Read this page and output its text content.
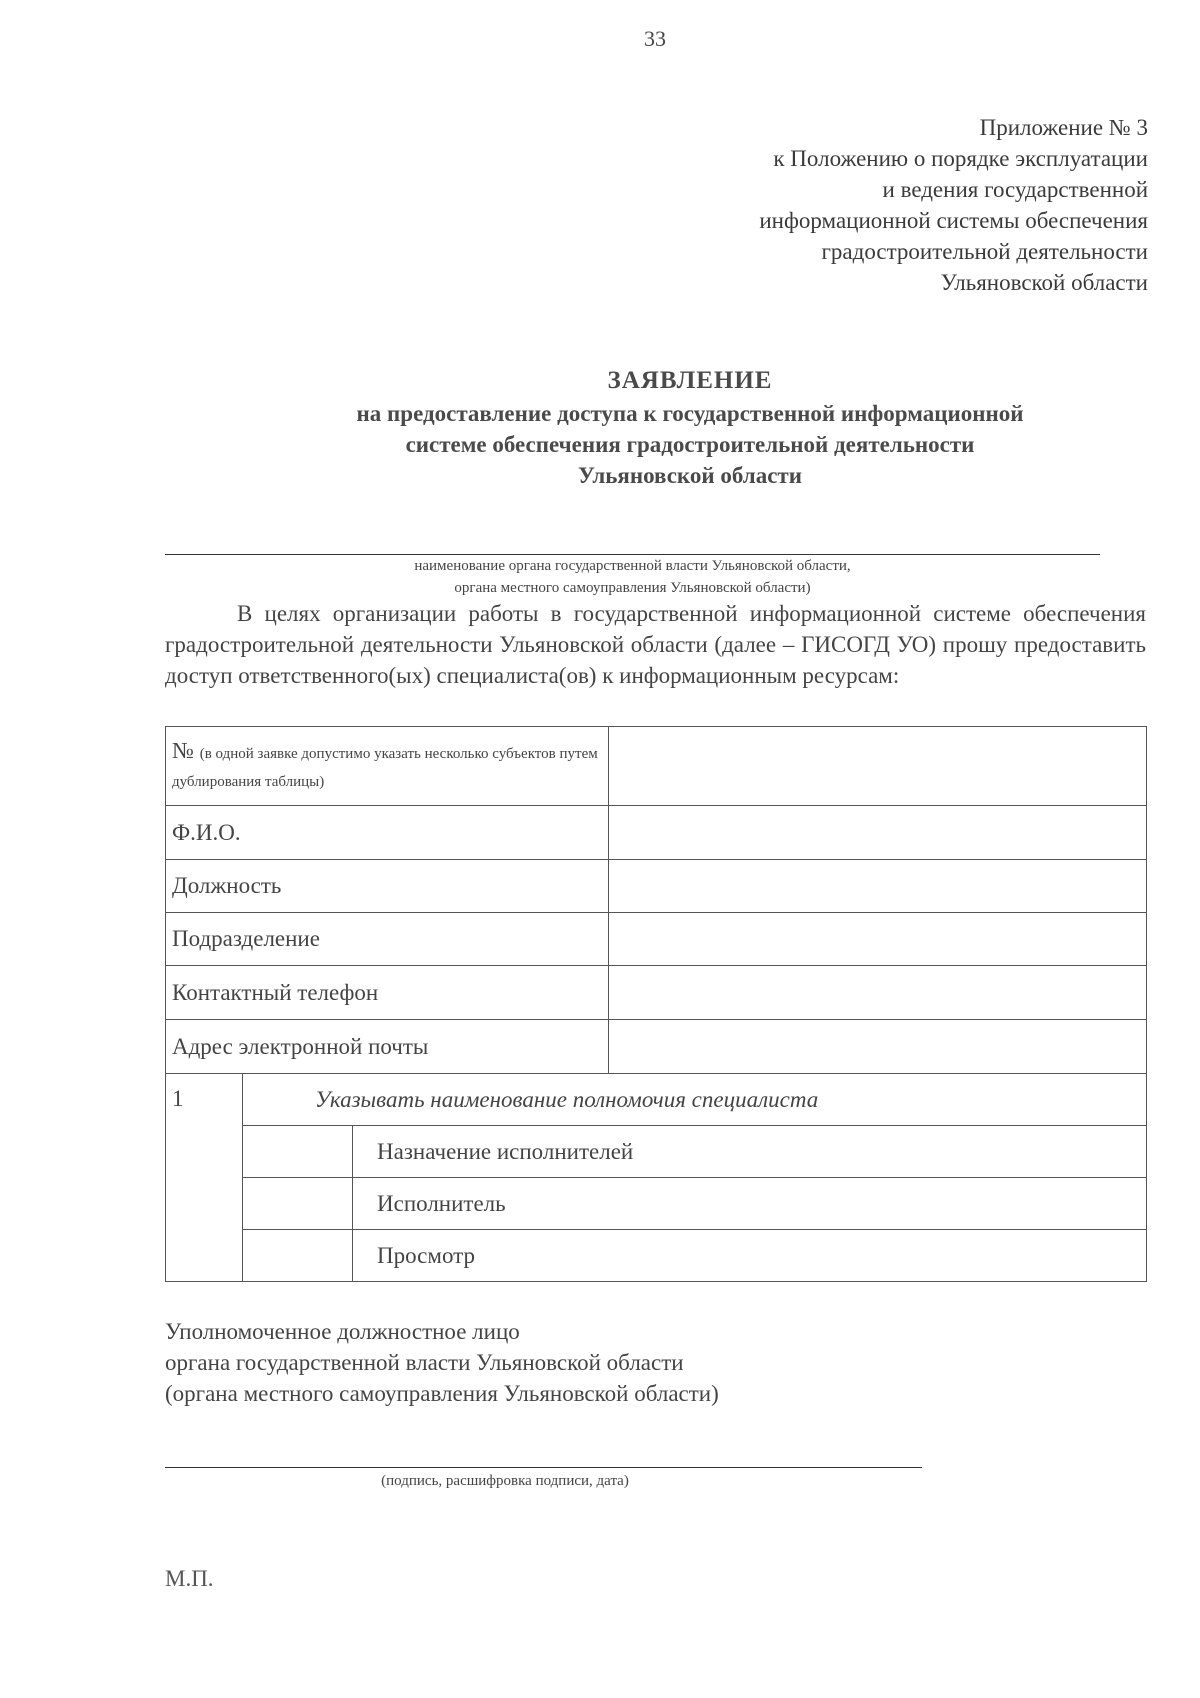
33
Приложение № 3
к Положению о порядке эксплуатации
и ведения государственной
информационной системы обеспечения
градостроительной деятельности
Ульяновской области
ЗАЯВЛЕНИЕ
на предоставление доступа к государственной информационной
системе обеспечения градостроительной деятельности
Ульяновской области
наименование органа государственной власти Ульяновской области,
органа местного самоуправления Ульяновской области)
В целях организации работы в государственной информационной системе обеспечения градостроительной деятельности Ульяновской области (далее – ГИСОГД УО) прошу предоставить доступ ответственного(ых) специалиста(ов) к информационным ресурсам:
№ (в одной заявке допустимо указать несколько субъектов путем дублирования таблицы)			
Ф.И.О.			
Должность			
Подразделение			
Контактный телефон			
Адрес электронной почты			
1	Указывать наименование полномочия специалиста		
		Назначение исполнителей	
		Исполнитель	
		Просмотр	
Уполномоченное должностное лицо
органа государственной власти Ульяновской области
(органа местного самоуправления Ульяновской области)
(подпись, расшифровка подписи, дата)
М.П.
